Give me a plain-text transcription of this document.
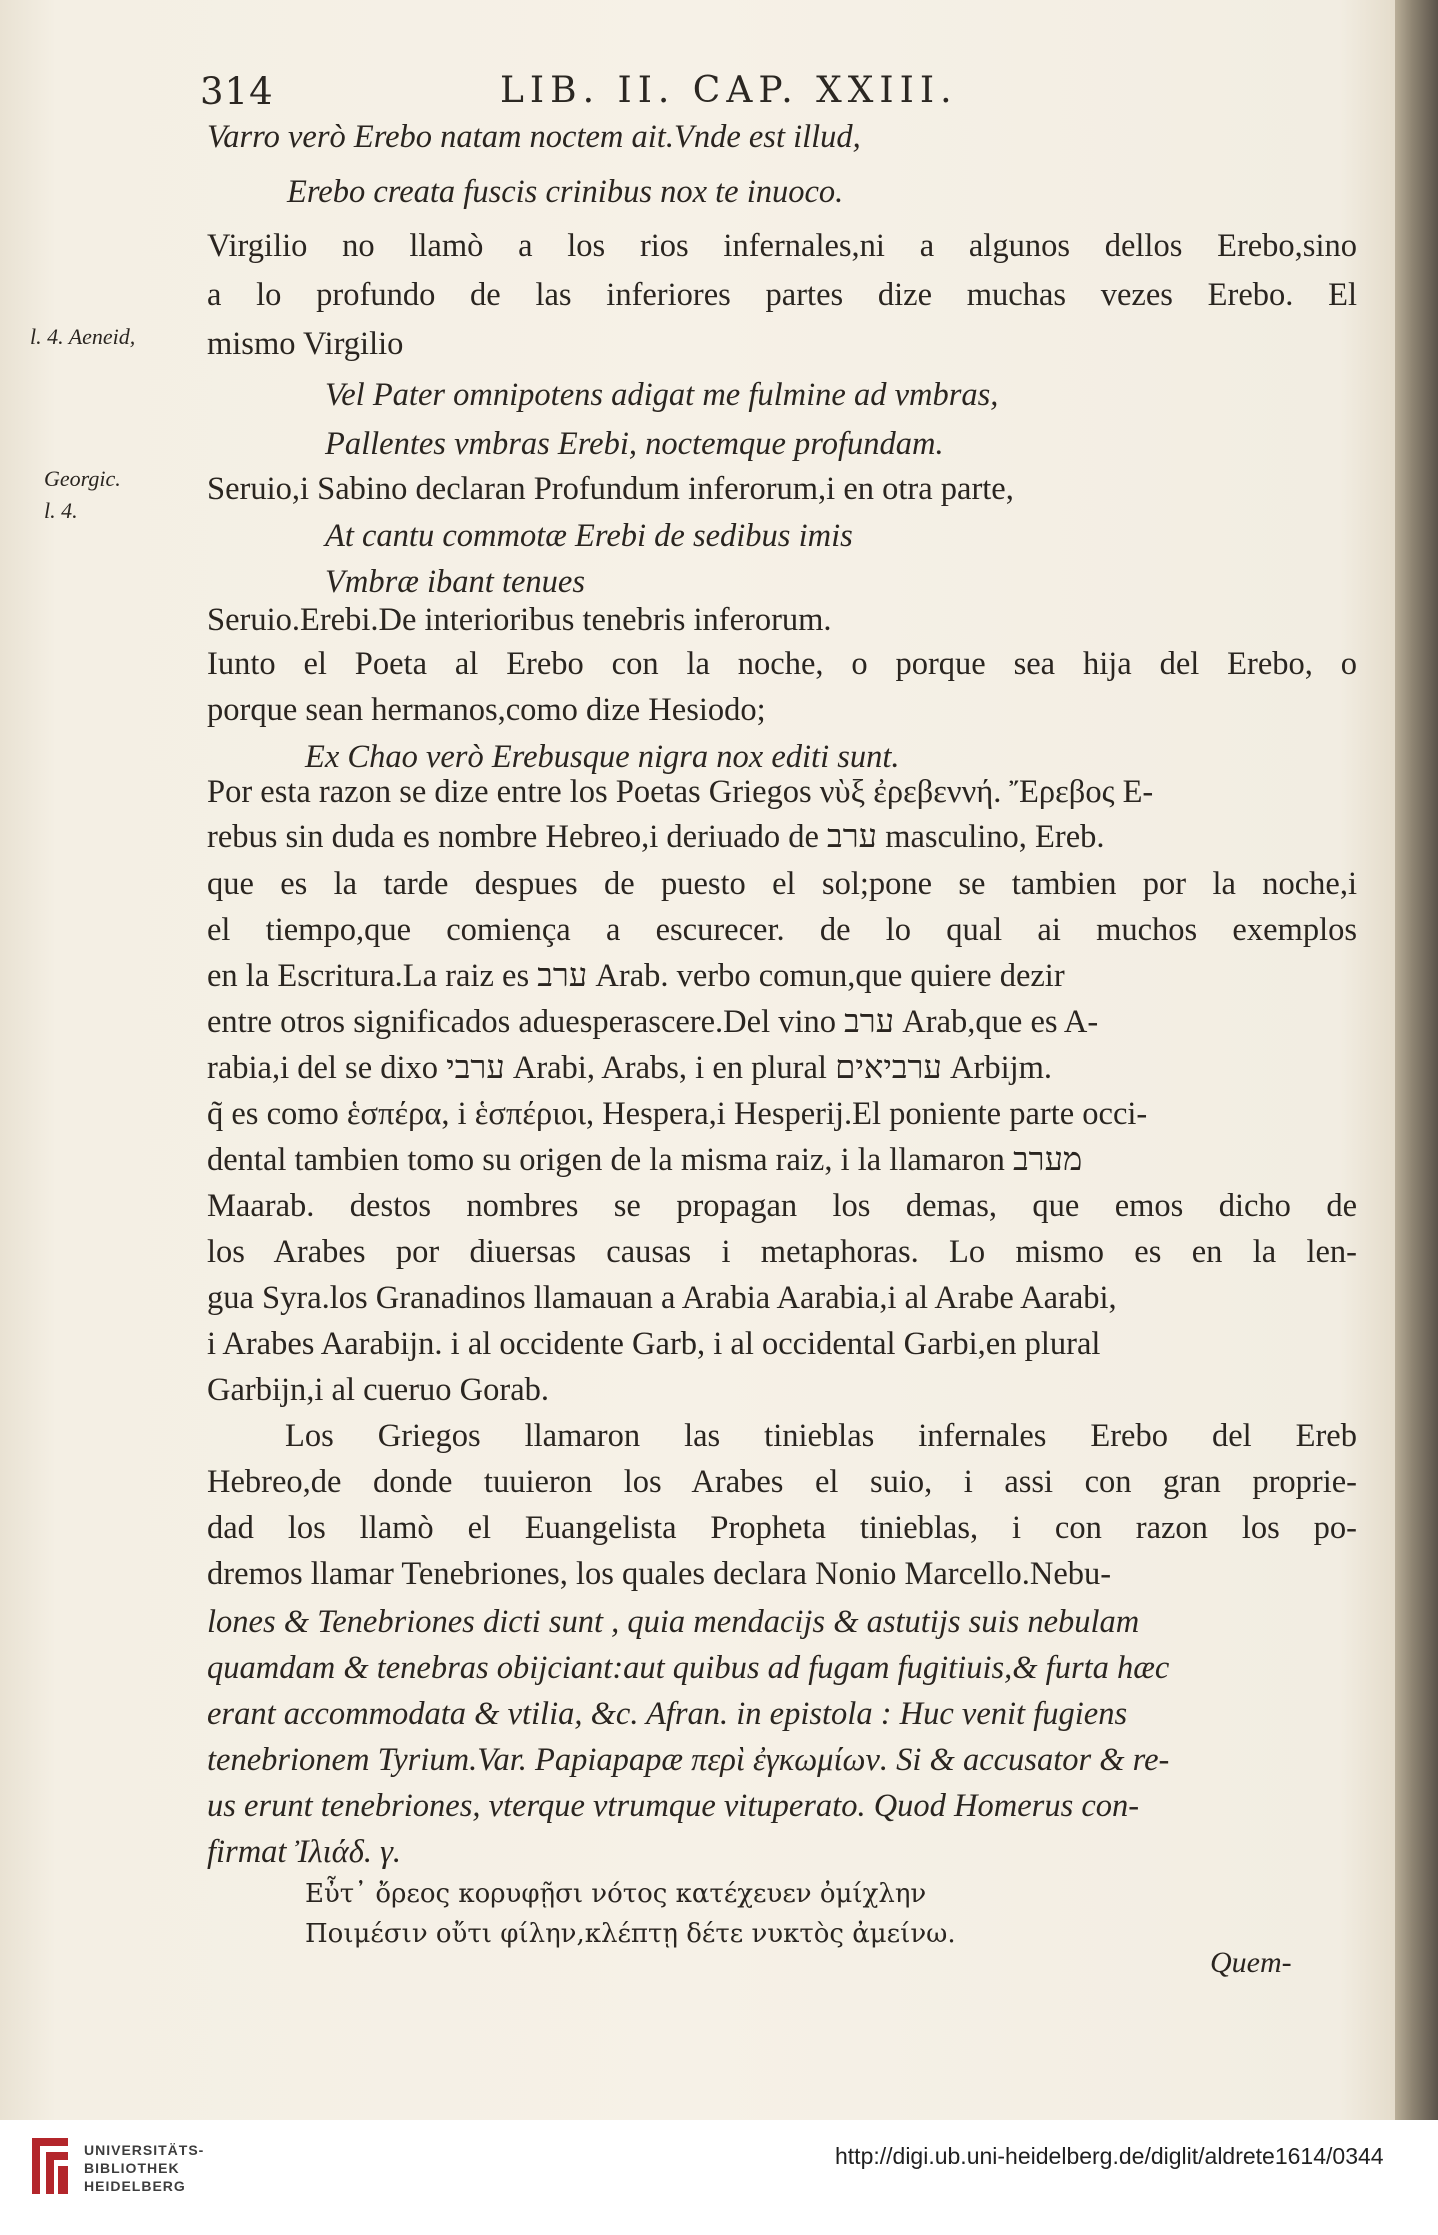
314	LIB. II. CAP. XXIII.
l. 4. Aeneid,
Georgic.
l. 4.
Varro verò Erebo natam noctem ait.Vnde est illud,
Erebo creata fuscis crinibus nox te inuoco.
Virgilio no llamò a los rios infernales,ni a algunos dellos Erebo,sino
a lo profundo de las inferiores partes dize muchas vezes Erebo. El
mismo Virgilio
Vel Pater omnipotens adigat me fulmine ad vmbras,
Pallentes vmbras Erebi, noctemque profundam.
Seruio,i Sabino declaran Profundum inferorum,i en otra parte,
At cantu commotæ Erebi de sedibus imis
Vmbræ ibant tenues
Seruio.Erebi.De interioribus tenebris inferorum.
Iunto el Poeta al Erebo con la noche, o porque sea hija del Erebo, o
porque sean hermanos,como dize Hesiodo;
Ex Chao verò Erebusque nigra nox editi sunt.
Por esta razon se dize entre los Poetas Griegos νὺξ ἐρεβεννή. Ἔρεβος E-
rebus sin duda es nombre Hebreo,i deriuado de ערב masculino, Ereb.
que es la tarde despues de puesto el sol;pone se tambien por la noche,i
el tiempo,que comiença a escurecer. de lo qual ai muchos exemplos
en la Escritura.La raiz es ערב Arab. verbo comun,que quiere dezir
entre otros significados aduesperascere.Del vino ערב Arab,que es A-
rabia,i del se dixo ערבי Arabi, Arabs, i en plural ערביאים Arbijm.
q̃ es como ἑσπέρα, i ἑσπέριοι, Hespera,i Hesperij.El poniente parte occi-
dental tambien tomo su origen de la misma raiz, i la llamaron מערב
Maarab. destos nombres se propagan los demas, que emos dicho de
los Arabes por diuersas causas i metaphoras. Lo mismo es en la len-
gua Syra.los Granadinos llamauan a Arabia Aarabia,i al Arabe Aarabi,
i Arabes Aarabijn. i al occidente Garb, i al occidental Garbi,en plural
Garbijn,i al cueruo Gorab.
Los Griegos llamaron las tinieblas infernales Erebo del Ereb
Hebreo,de donde tuuieron los Arabes el suio, i assi con gran proprie-
dad los llamò el Euangelista Propheta tinieblas, i con razon los po-
dremos llamar Tenebriones, los quales declara Nonio Marcello.Nebu-
lones & Tenebriones dicti sunt , quia mendacijs & astutijs suis nebulam
quamdam & tenebras obijciant:aut quibus ad fugam fugitiuis,& furta hæc
erant accommodata & vtilia, &c. Afran. in epistola : Huc venit fugiens
tenebrionem Tyrium.Var. Papiapapæ περὶ ἐγκωμίων. Si & accusator & re-
us erunt tenebriones, vterque vtrumque vituperato. Quod Homerus con-
firmat Ἰλιάδ. γ.
Εὖτ᾽ ὄρεος κορυφῇσι νότος κατέχευεν ὀμίχλην
Ποιμέσιν οὔτι φίλην,κλέπτῃ δέτε νυκτὸς ἀμείνω.
Quem-
UNIVERSITÄTS-
BIBLIOTHEK
HEIDELBERG
http://digi.ub.uni-heidelberg.de/diglit/aldrete1614/0344
